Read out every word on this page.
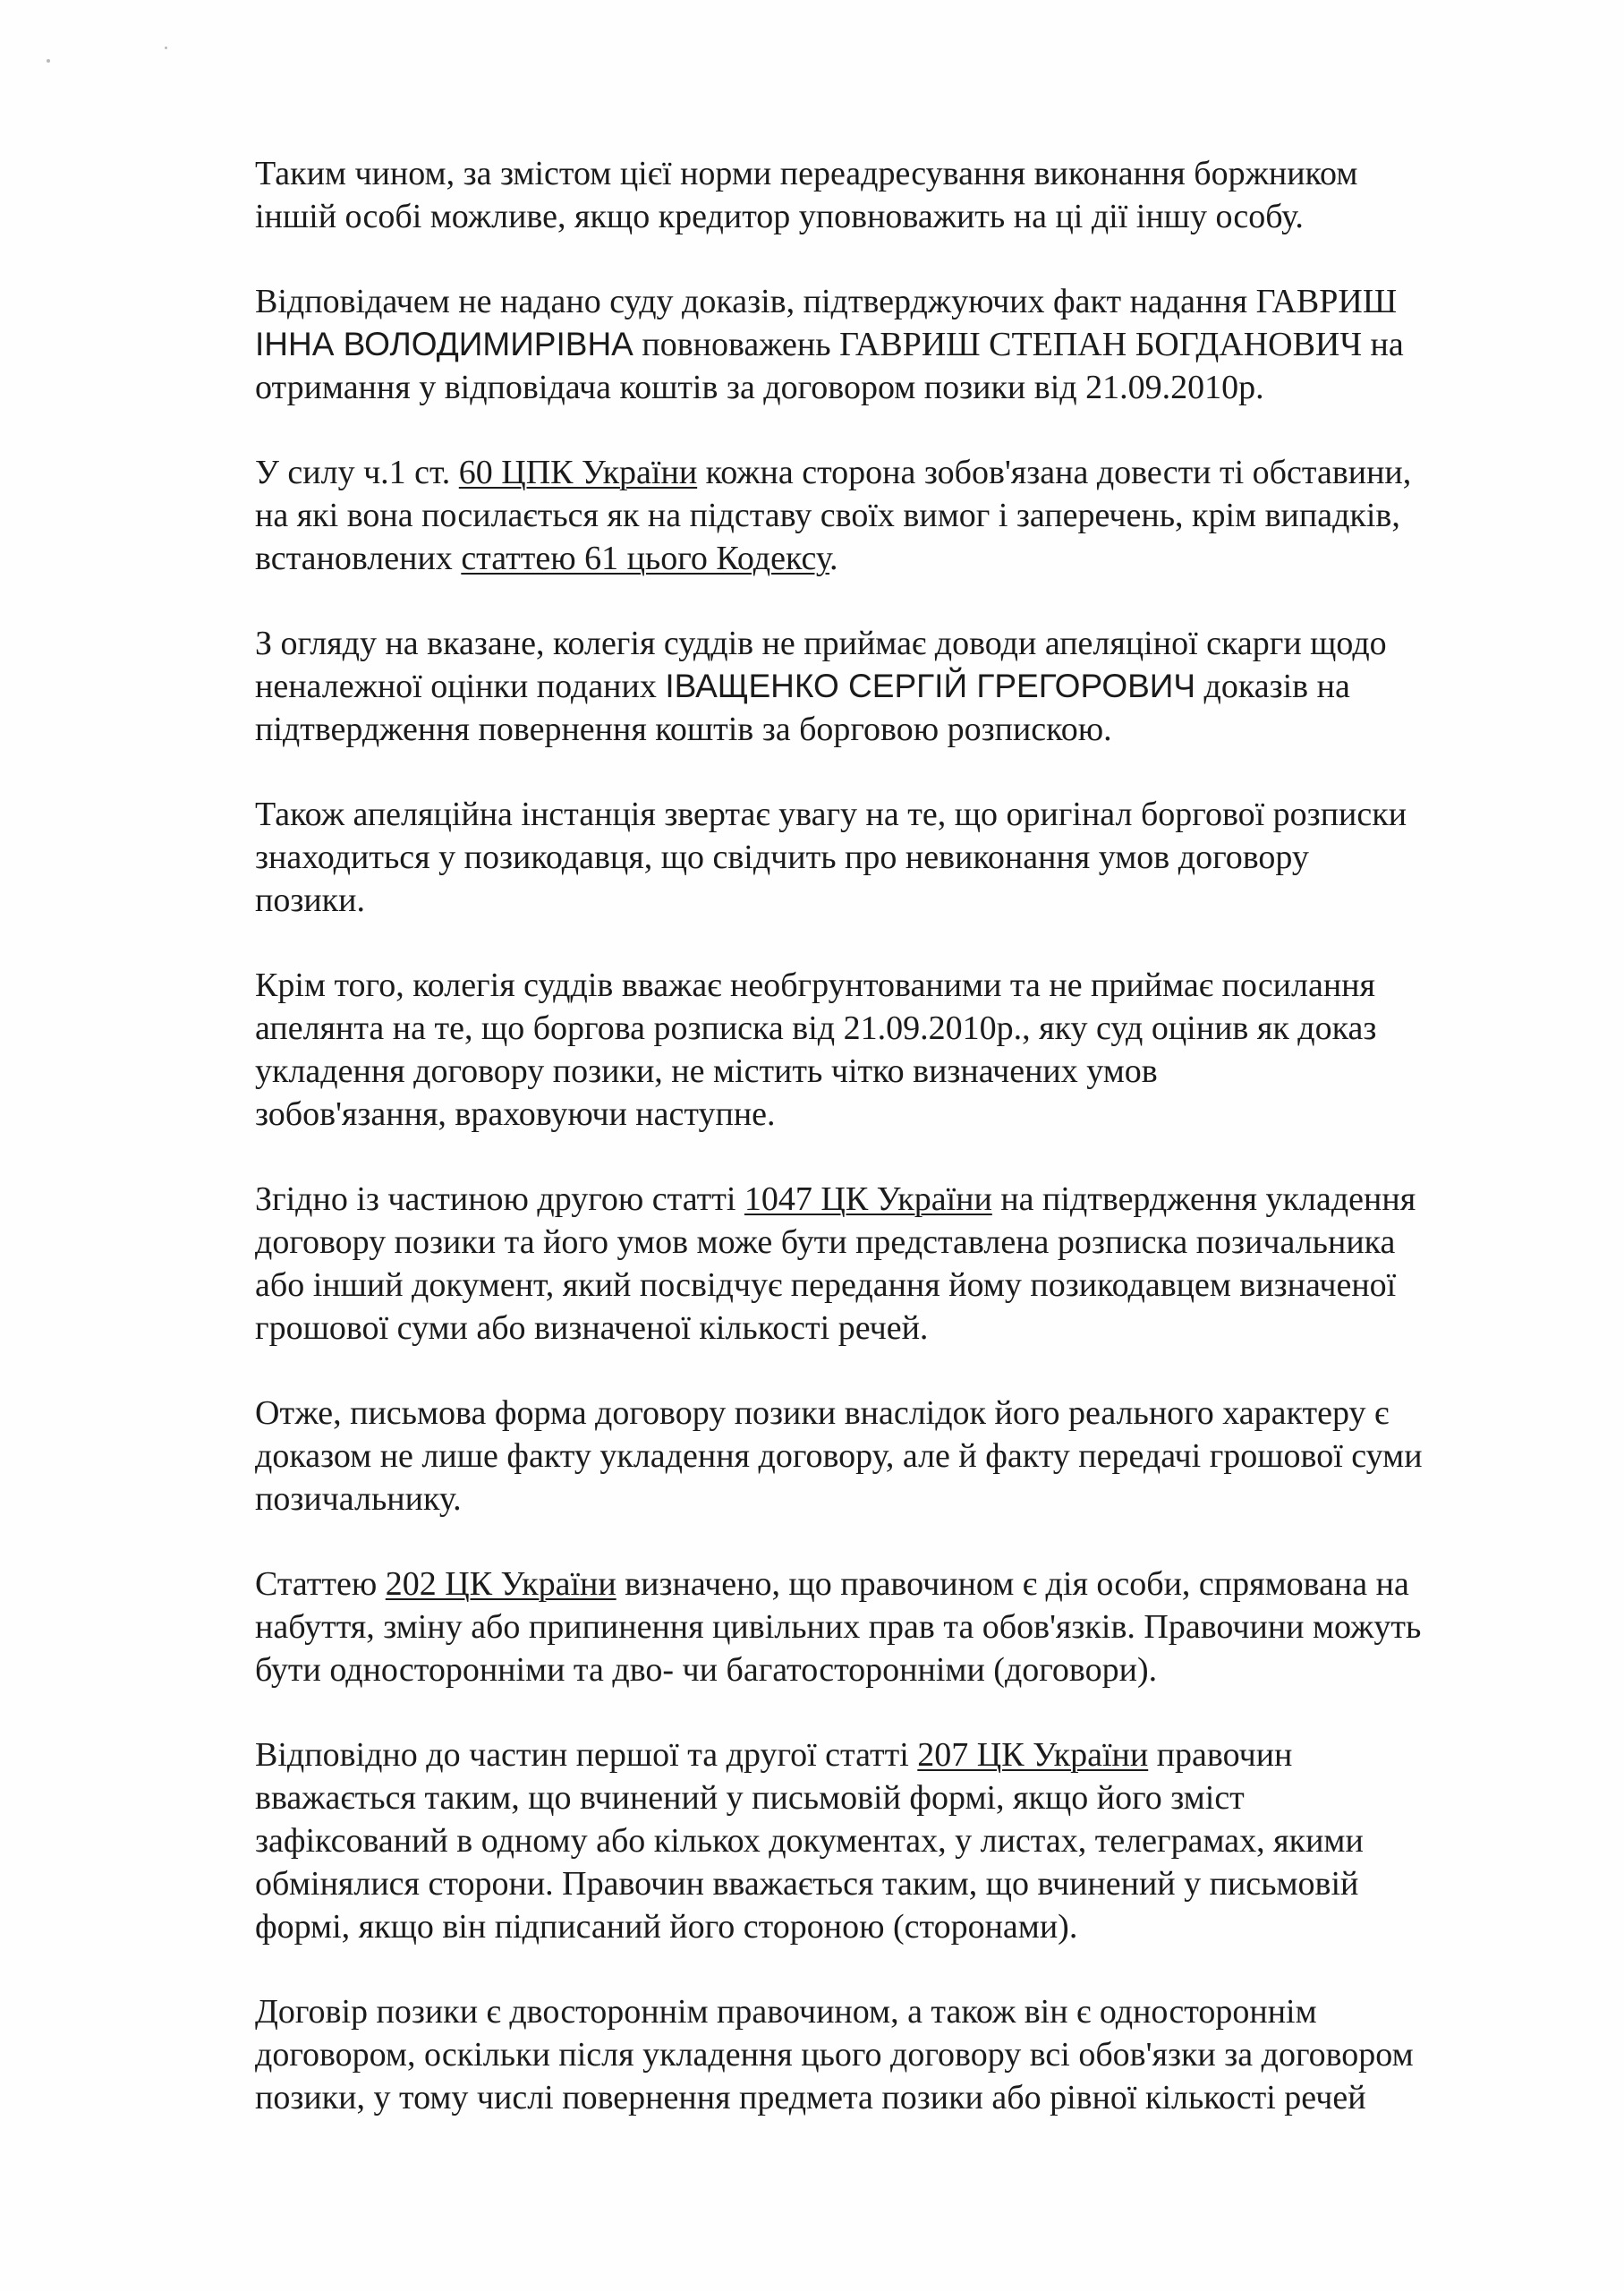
Таким чином, за змістом цієї норми переадресування виконання боржником
іншій особі можливе, якщо кредитор уповноважить на ці дії іншу особу.

Відповідачем не надано суду доказів, підтверджуючих факт надання ГАВРИШ
ІННА ВОЛОДИМИРІВНА повноважень ГАВРИШ СТЕПАН БОГДАНОВИЧ на
отримання у відповідача коштів за договором позики від 21.09.2010р.

У силу ч.1 ст. 60 ЦПК України кожна сторона зобов'язана довести ті обставини,
на які вона посилається як на підставу своїх вимог і заперечень, крім випадків,
встановлених статтею 61 цього Кодексу.

З огляду на вказане, колегія суддів не приймає доводи апеляціної скарги щодо
неналежної оцінки поданих ІВАЩЕНКО СЕРГІЙ ГРЕГОРОВИЧ доказів на
підтвердження повернення коштів за борговою розпискою.

Також апеляційна інстанція звертає увагу на те, що оригінал боргової розписки
знаходиться у позикодавця, що свідчить про невиконання умов договору
позики.

Крім того, колегія суддів вважає необгрунтованими та не приймає посилання
апелянта на те, що боргова розписка від 21.09.2010р., яку суд оцінив як доказ
укладення договору позики, не містить чітко визначених умов
зобов'язання, враховуючи наступне.

Згідно із частиною другою статті 1047 ЦК України на підтвердження укладення
договору позики та його умов може бути представлена розписка позичальника
або інший документ, який посвідчує передання йому позикодавцем визначеної
грошової суми або визначеної кількості речей.

Отже, письмова форма договору позики внаслідок його реального характеру є
доказом не лише факту укладення договору, але й факту передачі грошової суми
позичальнику.

Статтею 202 ЦК України визначено, що правочином є дія особи, спрямована на
набуття, зміну або припинення цивільних прав та обов'язків. Правочини можуть
бути односторонніми та дво- чи багатосторонніми (договори).

Відповідно до частин першої та другої статті 207 ЦК України правочин
вважається таким, що вчинений у письмовій формі, якщо його зміст
зафіксований в одному або кількох документах, у листах, телеграмах, якими
обмінялися сторони. Правочин вважається таким, що вчинений у письмовій
формі, якщо він підписаний його стороною (сторонами).

Договір позики є двостороннім правочином, а також він є одностороннім
договором, оскільки після укладення цього договору всі обов'язки за договором
позики, у тому числі повернення предмета позики або рівної кількості речей
